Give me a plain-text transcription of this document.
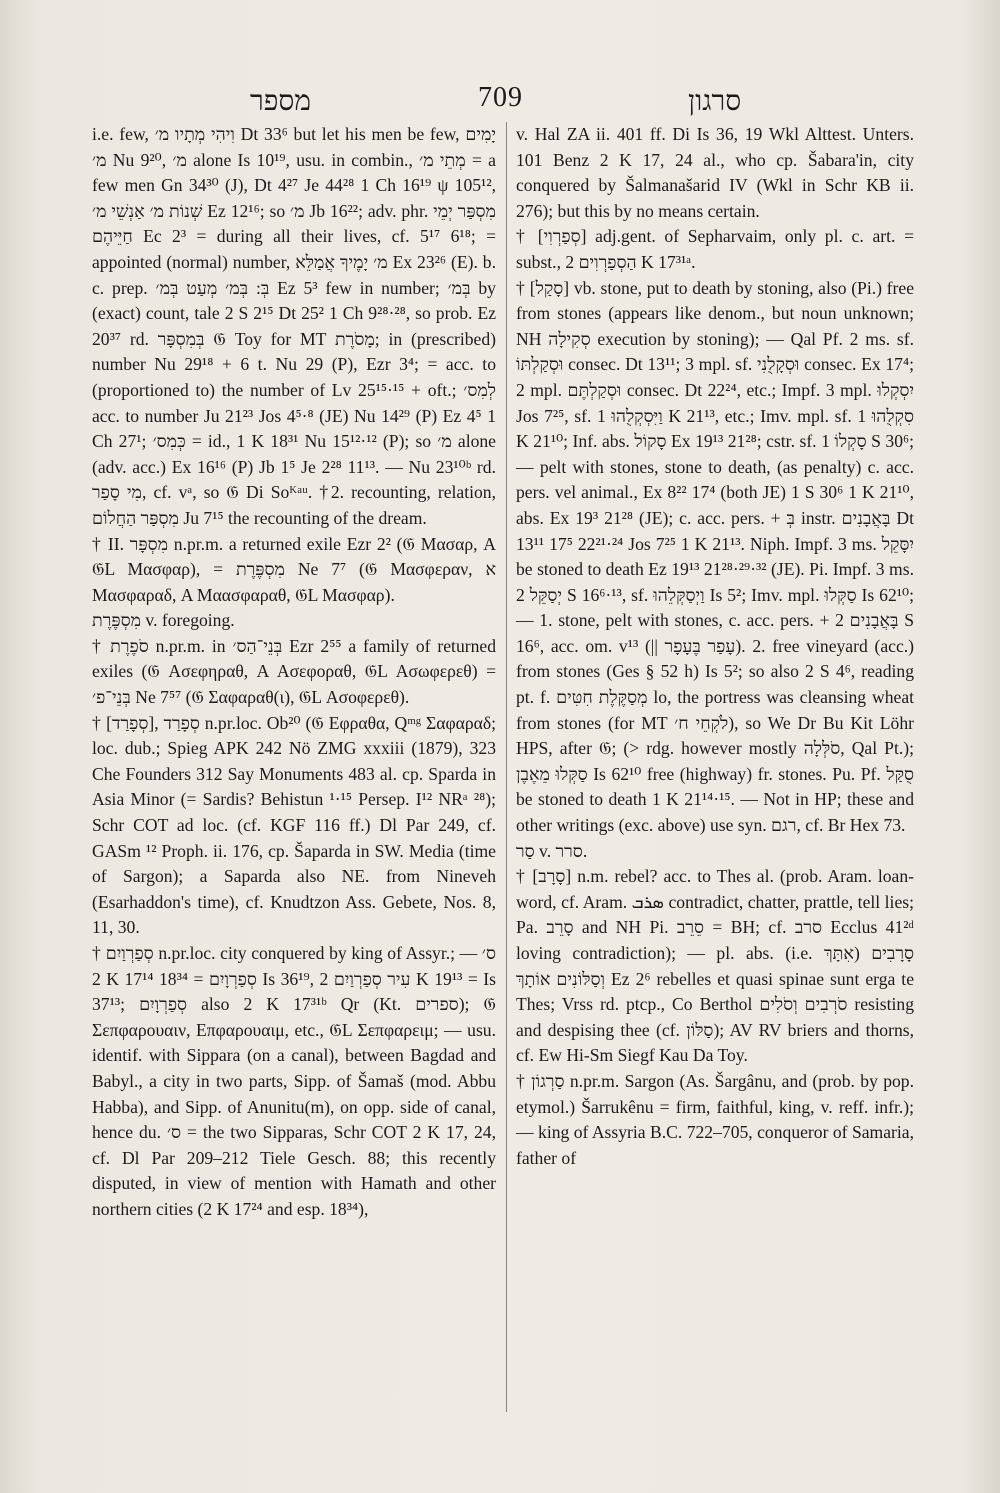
מספר	709	סרגון

i.e. few, וִיהִי מְתָיו מ׳ Dt 33⁶ but let his men be few, יָמִים מ׳ Nu 9²⁰, מ׳ alone Is 10¹⁹, usu. in combin., מְתֵי מ׳ = a few men Gn 34³⁰ (J), Dt 4²⁷ Je 44²⁸ 1 Ch 16¹⁹ ψ 105¹², שְׁנוֹת מ׳ אַנְשֵׁי מ׳ Ez 12¹⁶; so מ׳ Jb 16²²; adv. phr. מִסְפַּר יְמֵי חַיֵּיהֶם Ec 2³ = during all their lives, cf. 5¹⁷ 6¹⁸; = appointed (normal) number, מ׳ יָמֶיךָ אֲמַלֵּא Ex 23²⁶ (E). b. c. prep. בְּ: בְּמ׳ מְעַט בְּמ׳ Ez 5³ few in number; בְּמ׳ by (exact) count, tale 2 S 2¹⁵ Dt 25² 1 Ch 9²⁸·²⁸, so prob. Ez 20³⁷ rd. בְּמִסְפָּר 𝔊 Toy for MT מָסֹרֶת; in (prescribed) number Nu 29¹⁸ + 6 t. Nu 29 (P), Ezr 3⁴; = acc. to (proportioned to) the number of Lv 25¹⁵·¹⁵ + oft.; לְמִס׳ acc. to number Ju 21²³ Jos 4⁵·⁸ (JE) Nu 14²⁹ (P) Ez 4⁵ 1 Ch 27¹; כְּמִס׳ = id., 1 K 18³¹ Nu 15¹²·¹² (P); so מ׳ alone (adv. acc.) Ex 16¹⁶ (P) Jb 1⁵ Je 2²⁸ 11¹³. — Nu 23¹⁰ᵇ rd. מִי סָפַר, cf. vᵃ, so 𝔊 Di Soᴷᵃᵘ. †2. recounting, relation, מִסְפַּר הַחֲלוֹם Ju 7¹⁵ the recounting of the dream.

† II. מִסְפָּר n.pr.m. a returned exile Ezr 2² (𝔊 Μασαρ, A 𝔊L Μασφαρ), = מִסְפֶּרֶת Ne 7⁷ (𝔊 Μασφεραν, א Μασφαραδ, A Μαασφαραθ, 𝔊L Μασφαρ).

מִסְפֶּרֶת v. foregoing.

† סֹפֶרֶת n.pr.m. in בְּנֵי־הַס׳ Ezr 2⁵⁵ a family of returned exiles (𝔊 Ασεφηραθ, A Ασεφοραθ, 𝔊L Ασωφερεθ) = בְּנֵי־פ׳ Ne 7⁵⁷ (𝔊 Σαφαραθ(ι), 𝔊L Ασοφερεθ).

† [סְפָרַד], סְפָרַד n.pr.loc. Ob²⁰ (𝔊 Εφραθα, Qᵐᵍ Σαφαραδ; loc. dub.; Spieg APK 242 Nö ZMG xxxiii (1879), 323 Che Founders 312 Say Monuments 483 al. cp. Sparda in Asia Minor (= Sardis? Behistun ¹·¹⁵ Persep. I¹² NRᵃ ²⁸); Schr COT ad loc. (cf. KGF 116 ff.) Dl Par 249, cf. GASm ¹² Proph. ii. 176, cp. Šaparda in SW. Media (time of Sargon); a Saparda also NE. from Nineveh (Esarhaddon's time), cf. Knudtzon Ass. Gebete, Nos. 8, 11, 30.

† סְפַרְוַיִם n.pr.loc. city conquered by king of Assyr.; — ס׳ 2 K 17¹⁴ 18³⁴ = סְפַרְוָיִם Is 36¹⁹, עִיר סְפַרְוַיִם 2 K 19¹³ = Is 37¹³; סְפַרְוָיִם also 2 K 17³¹ᵇ Qr (Kt. ספרים); 𝔊 Σεπφαρουαιν, Επφαρουαιμ, etc., 𝔊L Σεπφαρειμ; — usu. identif. with Sippara (on a canal), between Bagdad and Babyl., a city in two parts, Sipp. of Šamaš (mod. Abbu Habba), and Sipp. of Anunitu(m), on opp. side of canal, hence du. ס׳ = the two Sipparas, Schr COT 2 K 17, 24, cf. Dl Par 209–212 Tiele Gesch. 88; this recently disputed, in view of mention with Hamath and other northern cities (2 K 17²⁴ and esp. 18³⁴),

v. Hal ZA ii. 401 ff. Di Is 36, 19 Wkl Alttest. Unters. 101 Benz 2 K 17, 24 al., who cp. Šabara'in, city conquered by Šalmanašarid IV (Wkl in Schr KB ii. 276); but this by no means certain.

† [סְפַרְוִי] adj.gent. of Sepharvaim, only pl. c. art. = subst., הַסְפַרְוִים 2 K 17³¹ᵃ.

† [סָקַל] vb. stone, put to death by stoning, also (Pi.) free from stones (appears like denom., but noun unknown; NH סְקִילָה execution by stoning); — Qal Pf. 2 ms. sf. וּסְקַלְתּוֹ consec. Dt 13¹¹; 3 mpl. sf. וּסְקָלֻנִי consec. Ex 17⁴; 2 mpl. וּסְקַלְתֶּם consec. Dt 22²⁴, etc.; Impf. 3 mpl. יִסְקְלוּ Jos 7²⁵, sf. וַיִּסְקְלֻהוּ 1 K 21¹³, etc.; Imv. mpl. sf. סִקְלֻהוּ 1 K 21¹⁰; Inf. abs. סָקוֹל Ex 19¹³ 21²⁸; cstr. sf. סָקְלוֹ 1 S 30⁶; — pelt with stones, stone to death, (as penalty) c. acc. pers. vel animal., Ex 8²² 17⁴ (both JE) 1 S 30⁶ 1 K 21¹⁰, abs. Ex 19³ 21²⁸ (JE); c. acc. pers. + בְּ instr. בָּאֲבָנִים Dt 13¹¹ 17⁵ 22²¹·²⁴ Jos 7²⁵ 1 K 21¹³. Niph. Impf. 3 ms. יִסָּקֵל be stoned to death Ez 19¹³ 21²⁸·²⁹·³² (JE). Pi. Impf. 3 ms. יְסַקֵּל 2 S 16⁶·¹³, sf. וַיְסַקְּלֵהוּ Is 5²; Imv. mpl. סַקְּלוּ Is 62¹⁰; — 1. stone, pelt with stones, c. acc. pers. + בָּאֲבָנִים 2 S 16⁶, acc. om. v¹³ (|| עָפַר בֶּעָפָר). 2. free vineyard (acc.) from stones (Ges § 52 h) Is 5²; so also 2 S 4⁶, reading pt. f. מְסַקֶּלֶת חִטִּים lo, the portress was cleansing wheat from stones (for MT לֹקְחֵי ח׳), so We Dr Bu Kit Löhr HPS, after 𝔊; (> rdg. however mostly סֹלְּלָה, Qal Pt.); סַקְּלוּ מֵאֶבֶן Is 62¹⁰ free (highway) fr. stones. Pu. Pf. סֻקַּל be stoned to death 1 K 21¹⁴·¹⁵. — Not in HP; these and other writings (exc. above) use syn. רגם, cf. Br Hex 73.

סַר v. סרר.

† [סָרָב] n.m. rebel? acc. to Thes al. (prob. Aram. loan-word, cf. Aram. ܣܪܒ contradict, chatter, prattle, tell lies; Pa. סָרֵב and NH Pi. סֵרֵב = BH; cf. סרב Ecclus 41²ᵈ loving contradiction); — pl. abs. (i.e. אִתָּךְ) סָרָבִים וְסַלּוֹנִים אוֹתָךְ Ez 2⁶ rebelles et quasi spinae sunt erga te Thes; Vrss rd. ptcp., Co Berthol סֹרְבִים וְסֹלִים resisting and despising thee (cf. סַלּוֹן); AV RV briers and thorns, cf. Ew Hi-Sm Siegf Kau Da Toy.

† סַרְגוֹן n.pr.m. Sargon (As. Šargânu, and (prob. by pop. etymol.) Šarrukênu = firm, faithful, king, v. reff. infr.); — king of Assyria B.C. 722–705, conqueror of Samaria, father of
